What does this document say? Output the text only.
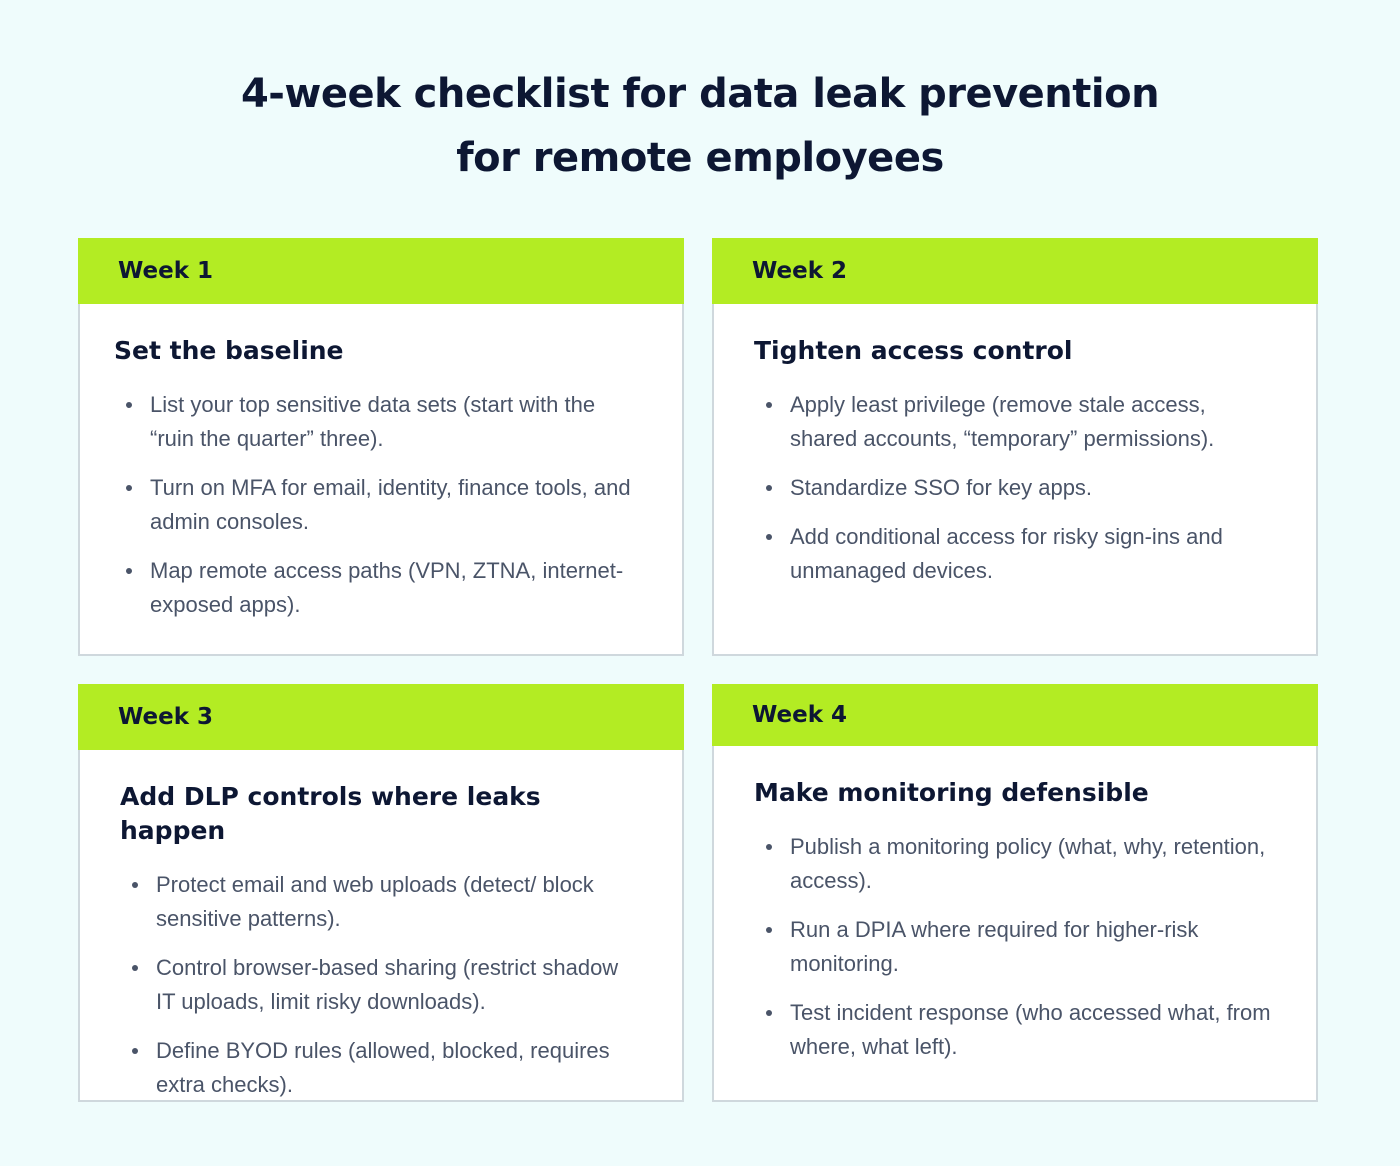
4-week checklist for data leak prevention
for remote employees
Week 1
Set the baseline
List your top sensitive data sets (start with the “ruin the quarter” three).
Turn on MFA for email, identity, finance tools, and admin consoles.
Map remote access paths (VPN, ZTNA, internet-exposed apps).
Week 2
Tighten access control
Apply least privilege (remove stale access, shared accounts, “temporary” permissions).
Standardize SSO for key apps.
Add conditional access for risky sign-ins and unmanaged devices.
Week 3
Add DLP controls where leaks happen
Protect email and web uploads (detect/ block sensitive patterns).
Control browser-based sharing (restrict shadow IT uploads, limit risky downloads).
Define BYOD rules (allowed, blocked, requires extra checks).
Week 4
Make monitoring defensible
Publish a monitoring policy (what, why, retention, access).
Run a DPIA where required for higher-risk monitoring.
Test incident response (who accessed what, from where, what left).
